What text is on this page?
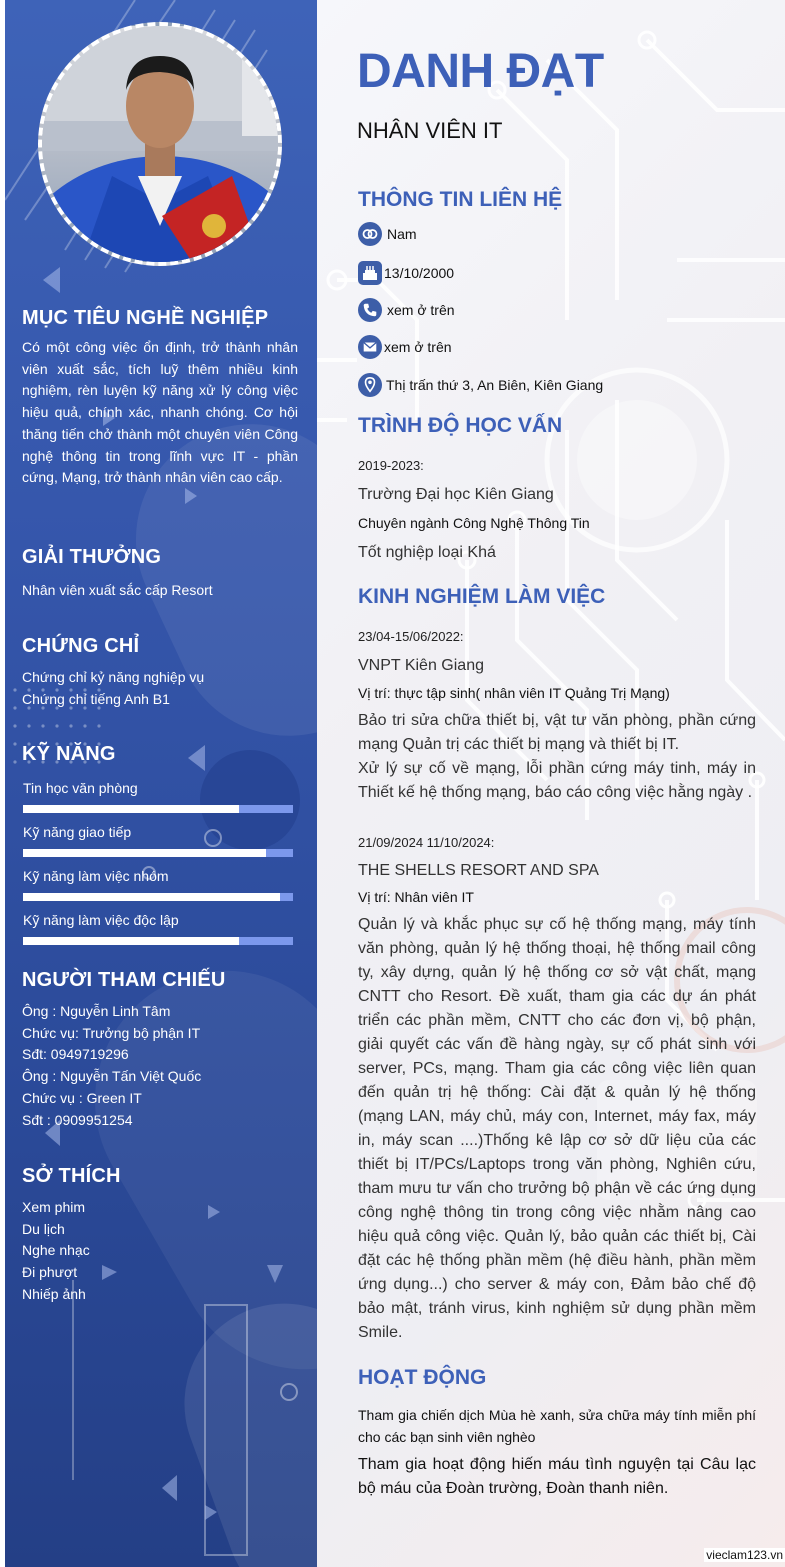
MỤC TIÊU NGHỀ NGHIỆP

Có một công việc ổn định, trở thành nhân viên xuất sắc, tích luỹ thêm nhiều kinh nghiệm, rèn luyện kỹ năng xử lý công việc hiệu quả, chính xác, nhanh chóng. Cơ hội thăng tiến chở thành một chuyên viên Công nghệ thông tin trong lĩnh vực IT - phần cứng, Mạng, trở thành nhân viên cao cấp.

GIẢI THƯỞNG

Nhân viên xuất sắc cấp Resort

CHỨNG CHỈ

Chứng chỉ kỷ năng nghiệp vụ

Chứng chỉ tiếng Anh B1

KỸ NĂNG
Tin học văn phòng
Kỹ năng giao tiếp
Kỹ năng làm việc nhóm
Kỹ năng làm việc độc lập
NGƯỜI THAM CHIẾU

Ông : Nguyễn Linh Tâm

Chức vụ: Trưởng bộ phận IT

Sđt: 0949719296

Ông : Nguyễn Tấn Việt Quốc

Chức vụ : Green IT

Sđt : 0909951254

SỞ THÍCH

Xem phim

Du lịch

Nghe nhạc

Đi phượt

Nhiếp ảnh

DANH ĐẠT
NHÂN VIÊN IT
THÔNG TIN LIÊN HỆ
Nam
13/10/2000
xem ở trên
xem ở trên
Thị trấn thứ 3, An Biên, Kiên Giang
TRÌNH ĐỘ HỌC VẤN
2019-2023:
Trường Đại học Kiên Giang
Chuyên ngành Công Nghệ Thông Tin
Tốt nghiệp loại Khá
KINH NGHIỆM LÀM VIỆC
23/04-15/06/2022:
VNPT Kiên Giang
Vị trí: thực tập sinh( nhân viên IT Quảng Trị Mạng)
Bảo tri sửa chữa thiết bị, vật tư văn phòng, phần cứng mạng Quản trị các thiết bị mạng và thiết bị IT.
Xử lý sự cố về mạng, lỗi phần cứng máy tinh, máy in Thiết kế hệ thống mạng, báo cáo công việc hằng ngày .
21/09/2024 11/10/2024:
THE SHELLS RESORT AND SPA
Vị trí: Nhân viên IT
Quản lý và khắc phục sự cố hệ thống mạng, máy tính văn phòng, quản lý hệ thống thoại, hệ thống mail công ty, xây dựng, quản lý hệ thống cơ sở vật chất, mạng CNTT cho Resort. Đề xuất, tham gia các dự án phát triển các phần mềm, CNTT cho các đơn vị, bộ phận, giải quyết các vấn đề hàng ngày, sự cố phát sinh với server, PCs, mạng. Tham gia các công việc liên quan đến quản trị hệ thống: Cài đặt & quản lý hệ thống (mạng LAN, máy chủ, máy con, Internet, máy fax, máy in, máy scan ....)Thống kê lập cơ sở dữ liệu của các thiết bị IT/PCs/Laptops trong văn phòng, Nghiên cứu, tham mưu tư vấn cho trưởng bộ phận về các ứng dụng công nghệ thông tin trong công việc nhằm nâng cao hiệu quả công việc. Quản lý, bảo quản các thiết bị, Cài đặt các hệ thống phần mềm (hệ điều hành, phần mềm ứng dụng...) cho server & máy con, Đảm bảo chế độ bảo mật, tránh virus, kinh nghiệm sử dụng phần mềm Smile.
HOẠT ĐỘNG
Tham gia chiến dịch Mùa hè xanh, sửa chữa máy tính miễn phí cho các bạn sinh viên nghèo
Tham gia hoạt động hiến máu tình nguyện tại Câu lạc bộ máu của Đoàn trường, Đoàn thanh niên.
vieclam123.vn
